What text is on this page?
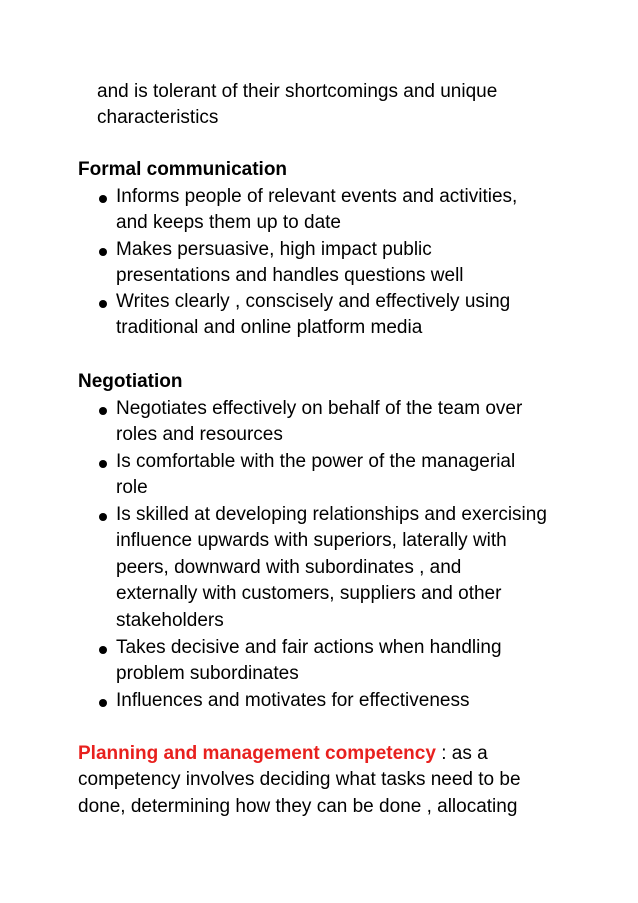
and is tolerant of their shortcomings and unique
characteristics
Formal communication
Informs people of relevant events and activities,
and keeps them up to date
Makes persuasive, high impact public
presentations and handles questions well
Writes clearly , conscisely and effectively using
traditional and online platform media
Negotiation
Negotiates effectively on behalf of the team over
roles and resources
Is comfortable with the power of the managerial
role
Is skilled at developing relationships and exercising
influence upwards with superiors, laterally with
peers, downward with subordinates , and
externally with customers, suppliers and other
stakeholders
Takes decisive and fair actions when handling
problem subordinates
Influences and motivates for effectiveness
Planning and management competency : as a
competency involves deciding what tasks need to be
done, determining how they can be done , allocating
